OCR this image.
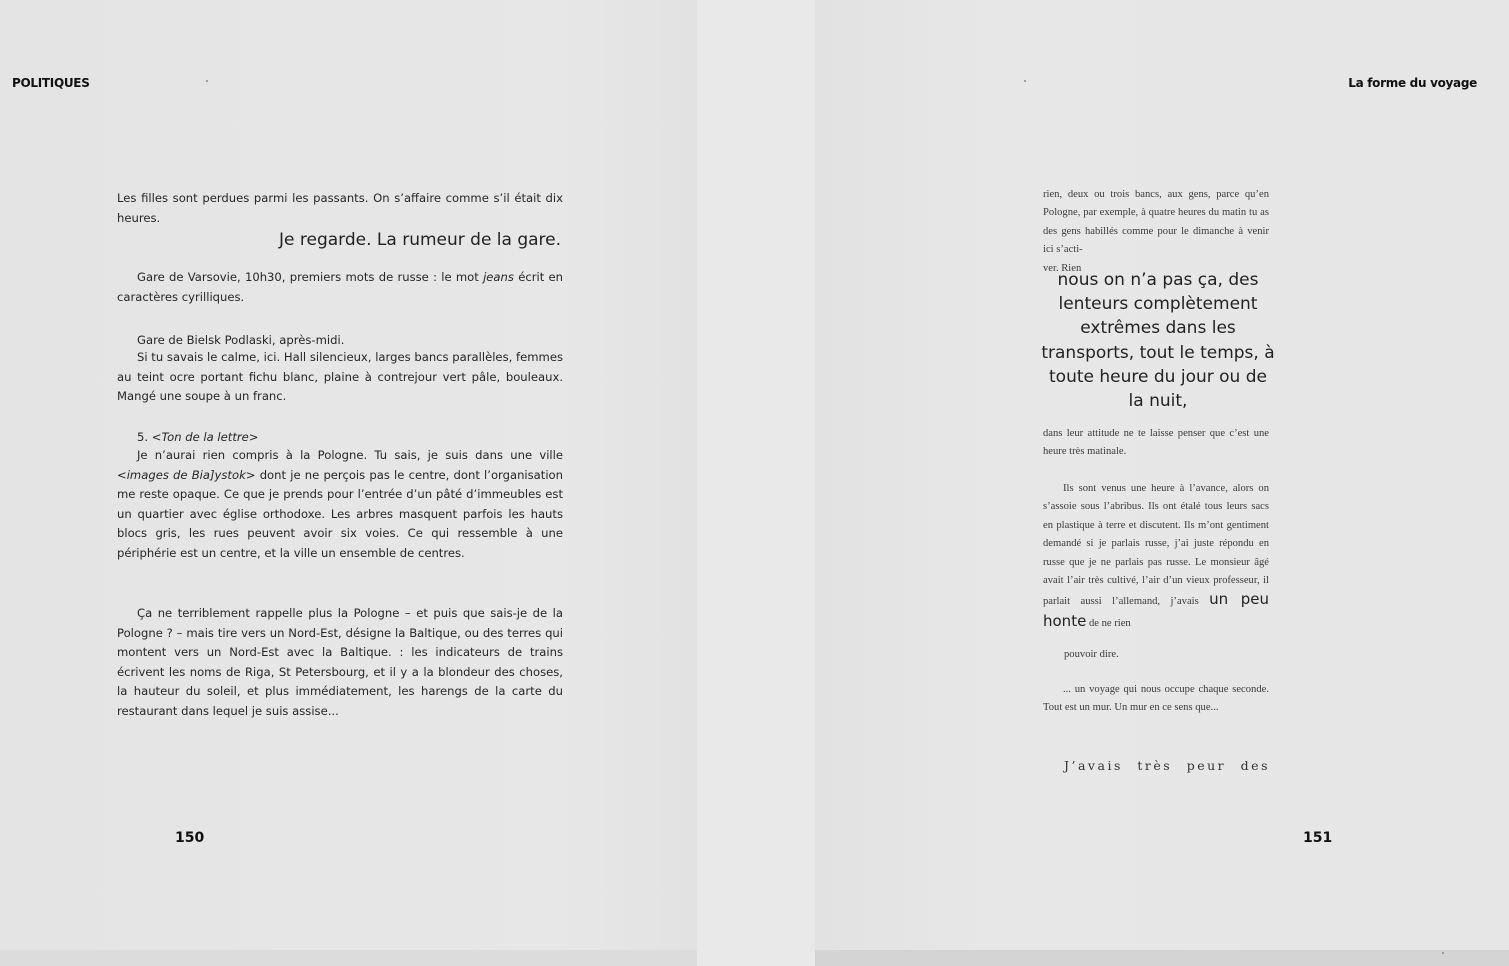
POLITIQUES

Les filles sont perdues parmi les passants. On s’affaire comme s’il était dix heures.

Je regarde. La rumeur de la gare.

Gare de Varsovie, 10h30, premiers mots de russe : le mot jeans écrit en caractères cyrilliques.

Gare de Bielsk Podlaski, après-midi.

Si tu savais le calme, ici. Hall silencieux, larges bancs parallèles, femmes au teint ocre portant fichu blanc, plaine à contrejour vert pâle, bouleaux. Mangé une soupe à un franc.

5. <Ton de la lettre>

Je n’aurai rien compris à la Pologne. Tu sais, je suis dans une ville <images de Bia]ystok> dont je ne perçois pas le centre, dont l’organisation me reste opaque. Ce que je prends pour l’entrée d’un pâté d’immeubles est un quartier avec église orthodoxe. Les arbres masquent parfois les hauts blocs gris, les rues peuvent avoir six voies. Ce qui ressemble à une périphérie est un centre, et la ville un ensemble de centres.

Ça ne terriblement rappelle plus la Pologne – et puis que sais-je de la Pologne ? – mais tire vers un Nord-Est, désigne la Baltique, ou des terres qui montent vers un Nord-Est avec la Baltique. : les indicateurs de trains écrivent les noms de Riga, St Petersbourg, et il y a la blondeur des choses, la hauteur du soleil, et plus immédiatement, les harengs de la carte du restaurant dans lequel je suis assise...

150
La forme du voyage

rien, deux ou trois bancs, aux gens, parce qu’en Pologne, par exemple, à quatre heures du matin tu as des gens habillés comme pour le dimanche à venir ici s’acti-

ver. Rien

nous on n’a pas ça, des lenteurs complètement extrêmes dans les transports, tout le temps, à toute heure du jour ou de la nuit,

dans leur attitude ne te laisse penser que c’est une heure très matinale.

Ils sont venus une heure à l’avance, alors on s’assoie sous l’abribus. Ils ont étalé tous leurs sacs en plastique à terre et discutent. Ils m’ont gentiment demandé si je parlais russe, j’ai juste répondu en russe que je ne parlais pas russe. Le monsieur âgé avait l’air très cultivé, l’air d’un vieux professeur, il parlait aussi l’allemand, j’avais un peu honte de ne rien

pouvoir dire.

... un voyage qui nous occupe chaque seconde. Tout est un mur. Un mur en ce sens que...

J’avais très peur des
151
